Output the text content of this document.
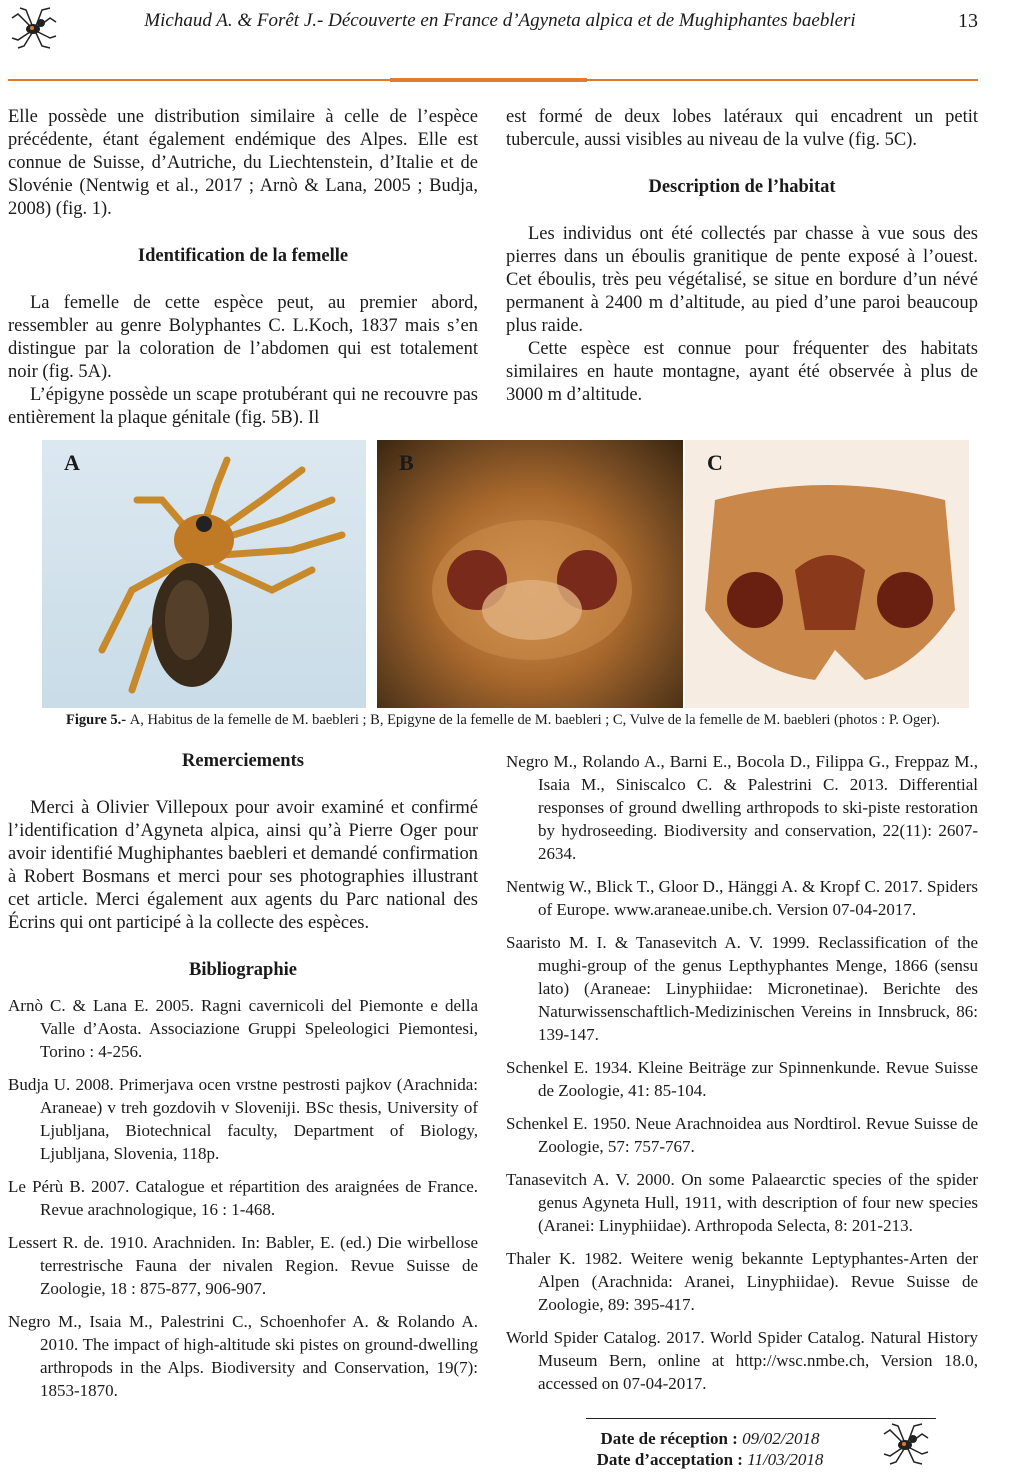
Michaud A. & Forêt J.- Découverte en France d’Agyneta alpica et de Mughiphantes baebleri	13

Elle possède une distribution similaire à celle de l’espèce précédente, étant également endémique des Alpes. Elle est connue de Suisse, d’Autriche, du Liechtenstein, d’Italie et de Slovénie (Nentwig et al., 2017 ; Arnò & Lana, 2005 ; Budja, 2008) (fig. 1).

Identification de la femelle

La femelle de cette espèce peut, au premier abord, ressembler au genre Bolyphantes C. L.Koch, 1837 mais s’en distingue par la coloration de l’abdomen qui est totalement noir (fig. 5A).

L’épigyne possède un scape protubérant qui ne recouvre pas entièrement la plaque génitale (fig. 5B). Il

est formé de deux lobes latéraux qui encadrent un petit tubercule, aussi visibles au niveau de la vulve (fig. 5C).

Description de l’habitat

Les individus ont été collectés par chasse à vue sous des pierres dans un éboulis granitique de pente exposé à l’ouest. Cet éboulis, très peu végétalisé, se situe en bordure d’un névé permanent à 2400 m d’altitude, au pied d’une paroi beaucoup plus raide.

Cette espèce est connue pour fréquenter des habitats similaires en haute montagne, ayant été observée à plus de 3000 m d’altitude.

A	B	C
Figure 5.- A, Habitus de la femelle de M. baebleri ; B, Epigyne de la femelle de M. baebleri ; C, Vulve de la femelle de M. baebleri (photos : P. Oger).
Remerciements

Merci à Olivier Villepoux pour avoir examiné et confirmé l’identification d’Agyneta alpica, ainsi qu’à Pierre Oger pour avoir identifié Mughiphantes baebleri et demandé confirmation à Robert Bosmans et merci pour ses photographies illustrant cet article. Merci également aux agents du Parc national des Écrins qui ont participé à la collecte des espèces.

Bibliographie

Arnò C. & Lana E. 2005. Ragni cavernicoli del Piemonte e della Valle d’Aosta. Associazione Gruppi Speleologici Piemontesi, Torino : 4-256.

Budja U. 2008. Primerjava ocen vrstne pestrosti pajkov (Arachnida: Araneae) v treh gozdovih v Sloveniji. BSc thesis, University of Ljubljana, Biotechnical faculty, Department of Biology, Ljubljana, Slovenia, 118p.

Le Pérù B. 2007. Catalogue et répartition des araignées de France. Revue arachnologique, 16 : 1-468.

Lessert R. de. 1910. Arachniden. In: Babler, E. (ed.) Die wirbellose terrestrische Fauna der nivalen Region. Revue Suisse de Zoologie, 18 : 875-877, 906-907.

Negro M., Isaia M., Palestrini C., Schoenhofer A. & Rolando A. 2010. The impact of high-altitude ski pistes on ground-dwelling arthropods in the Alps. Biodiversity and Conservation, 19(7): 1853-1870.

Negro M., Rolando A., Barni E., Bocola D., Filippa G., Freppaz M., Isaia M., Siniscalco C. & Palestrini C. 2013. Differential responses of ground dwelling arthropods to ski-piste restoration by hydroseeding. Biodiversity and conservation, 22(11): 2607-2634.

Nentwig W., Blick T., Gloor D., Hänggi A. & Kropf C. 2017. Spiders of Europe. www.araneae.unibe.ch. Version 07-04-2017.

Saaristo M. I. & Tanasevitch A. V. 1999. Reclassification of the mughi-group of the genus Lepthyphantes Menge, 1866 (sensu lato) (Araneae: Linyphiidae: Micronetinae). Berichte des Naturwissenschaftlich-Medizinischen Vereins in Innsbruck, 86: 139-147.

Schenkel E. 1934. Kleine Beiträge zur Spinnenkunde. Revue Suisse de Zoologie, 41: 85-104.

Schenkel E. 1950. Neue Arachnoidea aus Nordtirol. Revue Suisse de Zoologie, 57: 757-767.

Tanasevitch A. V. 2000. On some Palaearctic species of the spider genus Agyneta Hull, 1911, with description of four new species (Aranei: Linyphiidae). Arthropoda Selecta, 8: 201-213.

Thaler K. 1982. Weitere wenig bekannte Leptyphantes-Arten der Alpen (Arachnida: Aranei, Linyphiidae). Revue Suisse de Zoologie, 89: 395-417.

World Spider Catalog. 2017. World Spider Catalog. Natural History Museum Bern, online at http://wsc.nmbe.ch, Version 18.0, accessed on 07-04-2017.

Date de réception : 09/02/2018
Date d’acceptation : 11/03/2018
